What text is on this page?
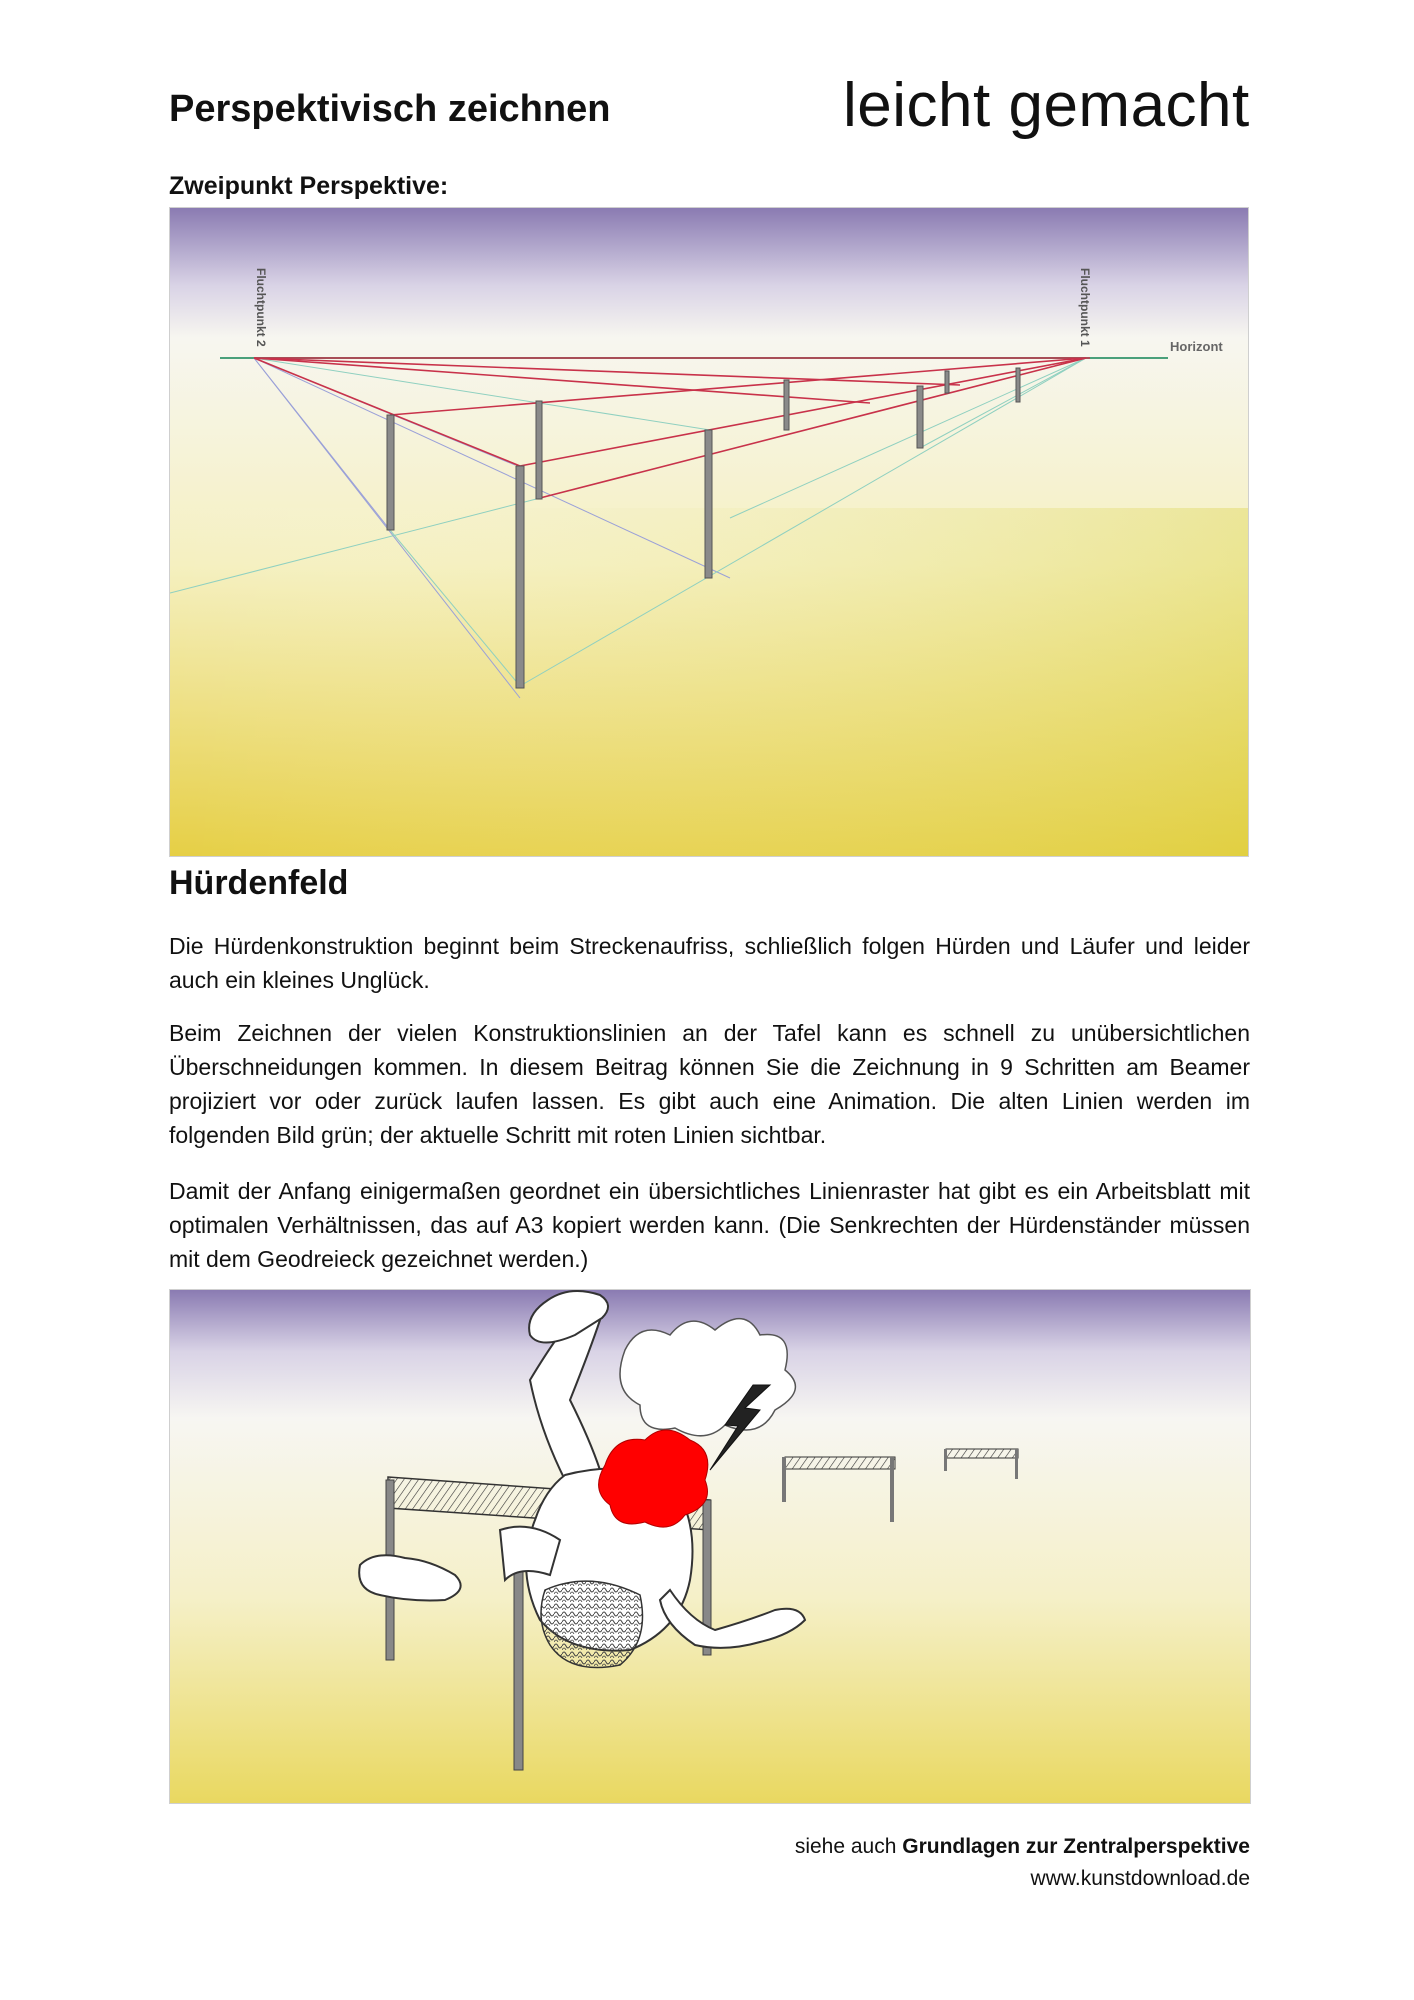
Perspektivisch zeichnen	leicht gemacht
Zweipunkt Perspektive:
Horizont
Fluchtpunkt 2	Fluchtpunkt 1
Hürdenfeld
Die Hürdenkonstruktion beginnt beim Streckenaufriss, schließlich folgen Hürden und Läufer und leider auch ein kleines Unglück.
Beim Zeichnen der vielen Konstruktionslinien an der Tafel kann es schnell zu unübersichtlichen Überschneidungen kommen. In diesem Beitrag können Sie die Zeichnung in 9 Schritten am Beamer projiziert vor oder zurück laufen lassen. Es gibt auch eine Animation. Die alten Linien werden im folgenden Bild grün; der aktuelle Schritt mit roten Linien sichtbar.
Damit der Anfang einigermaßen geordnet ein übersichtliches Linienraster hat gibt es ein Arbeitsblatt mit optimalen Verhältnissen, das auf A3 kopiert werden kann. (Die Senkrechten der Hürdenständer müssen mit dem Geodreieck gezeichnet werden.)
siehe auch Grundlagen zur Zentralperspektive
www.kunstdownload.de
